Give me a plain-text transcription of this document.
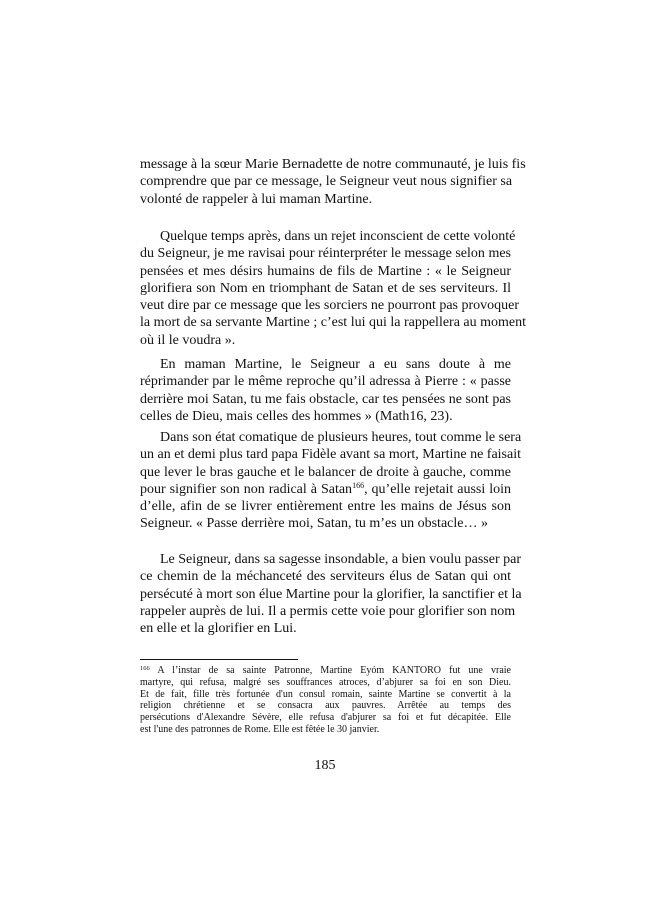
message à la sœur Marie Bernadette de notre communauté, je luis fis
comprendre que par ce message, le Seigneur veut nous signifier sa
volonté de rappeler à lui maman Martine.
Quelque temps après, dans un rejet inconscient de cette volonté
du Seigneur, je me ravisai pour réinterpréter le message selon mes
pensées et mes désirs humains de fils de Martine : « le Seigneur
glorifiera son Nom en triomphant de Satan et de ses serviteurs. Il
veut dire par ce message que les sorciers ne pourront pas provoquer
la mort de sa servante Martine ; c’est lui qui la rappellera au moment
où il le voudra ».
En maman Martine, le Seigneur a eu sans doute à me
réprimander par le même reproche qu’il adressa à Pierre : « passe
derrière moi Satan, tu me fais obstacle, car tes pensées ne sont pas
celles de Dieu, mais celles des hommes » (Math16, 23).
Dans son état comatique de plusieurs heures, tout comme le sera
un an et demi plus tard papa Fidèle avant sa mort, Martine ne faisait
que lever le bras gauche et le balancer de droite à gauche, comme
pour signifier son non radical à Satan$^{166}$, qu’elle rejetait aussi loin
d’elle, afin de se livrer entièrement entre les mains de Jésus son
Seigneur. « Passe derrière moi, Satan, tu m’es un obstacle… »
Le Seigneur, dans sa sagesse insondable, a bien voulu passer par
ce chemin de la méchanceté des serviteurs élus de Satan qui ont
persécuté à mort son élue Martine pour la glorifier, la sanctifier et la
rappeler auprès de lui. Il a permis cette voie pour glorifier son nom
en elle et la glorifier en Lui.
$^{166}$ A l’instar de sa sainte Patronne, Martine Eyóm KANTORO fut une vraie
martyre, qui refusa, malgré ses souffrances atroces, d’abjurer sa foi en son Dieu.
Et de fait, fille très fortunée d'un consul romain, sainte Martine se convertit à la
religion chrétienne et se consacra aux pauvres. Arrêtée au temps des
persécutions d'Alexandre Sévère, elle refusa d'abjurer sa foi et fut décapitée. Elle
est l'une des patronnes de Rome. Elle est fêtée le 30 janvier.
185
